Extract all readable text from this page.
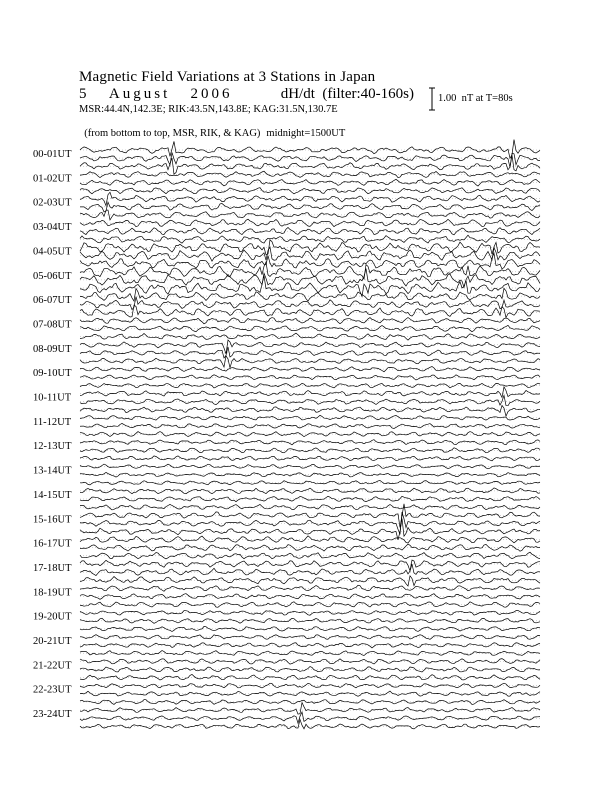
Magnetic Field Variations at 3 Stations in Japan

5   August   2006

	dH/dt  (filter:40-160s)

MSR:44.4N,142.3E; RIK:43.5N,143.8E; KAG:31.5N,130.7E

(from bottom to top, MSR, RIK, & KAG) midnight=1500UT

1.00  nT at T=80s
00-01UT
01-02UT
02-03UT
03-04UT
04-05UT
05-06UT
06-07UT
07-08UT
08-09UT
09-10UT
10-11UT
11-12UT
12-13UT
13-14UT
14-15UT
15-16UT
16-17UT
17-18UT
18-19UT
19-20UT
20-21UT
21-22UT
22-23UT
23-24UT
